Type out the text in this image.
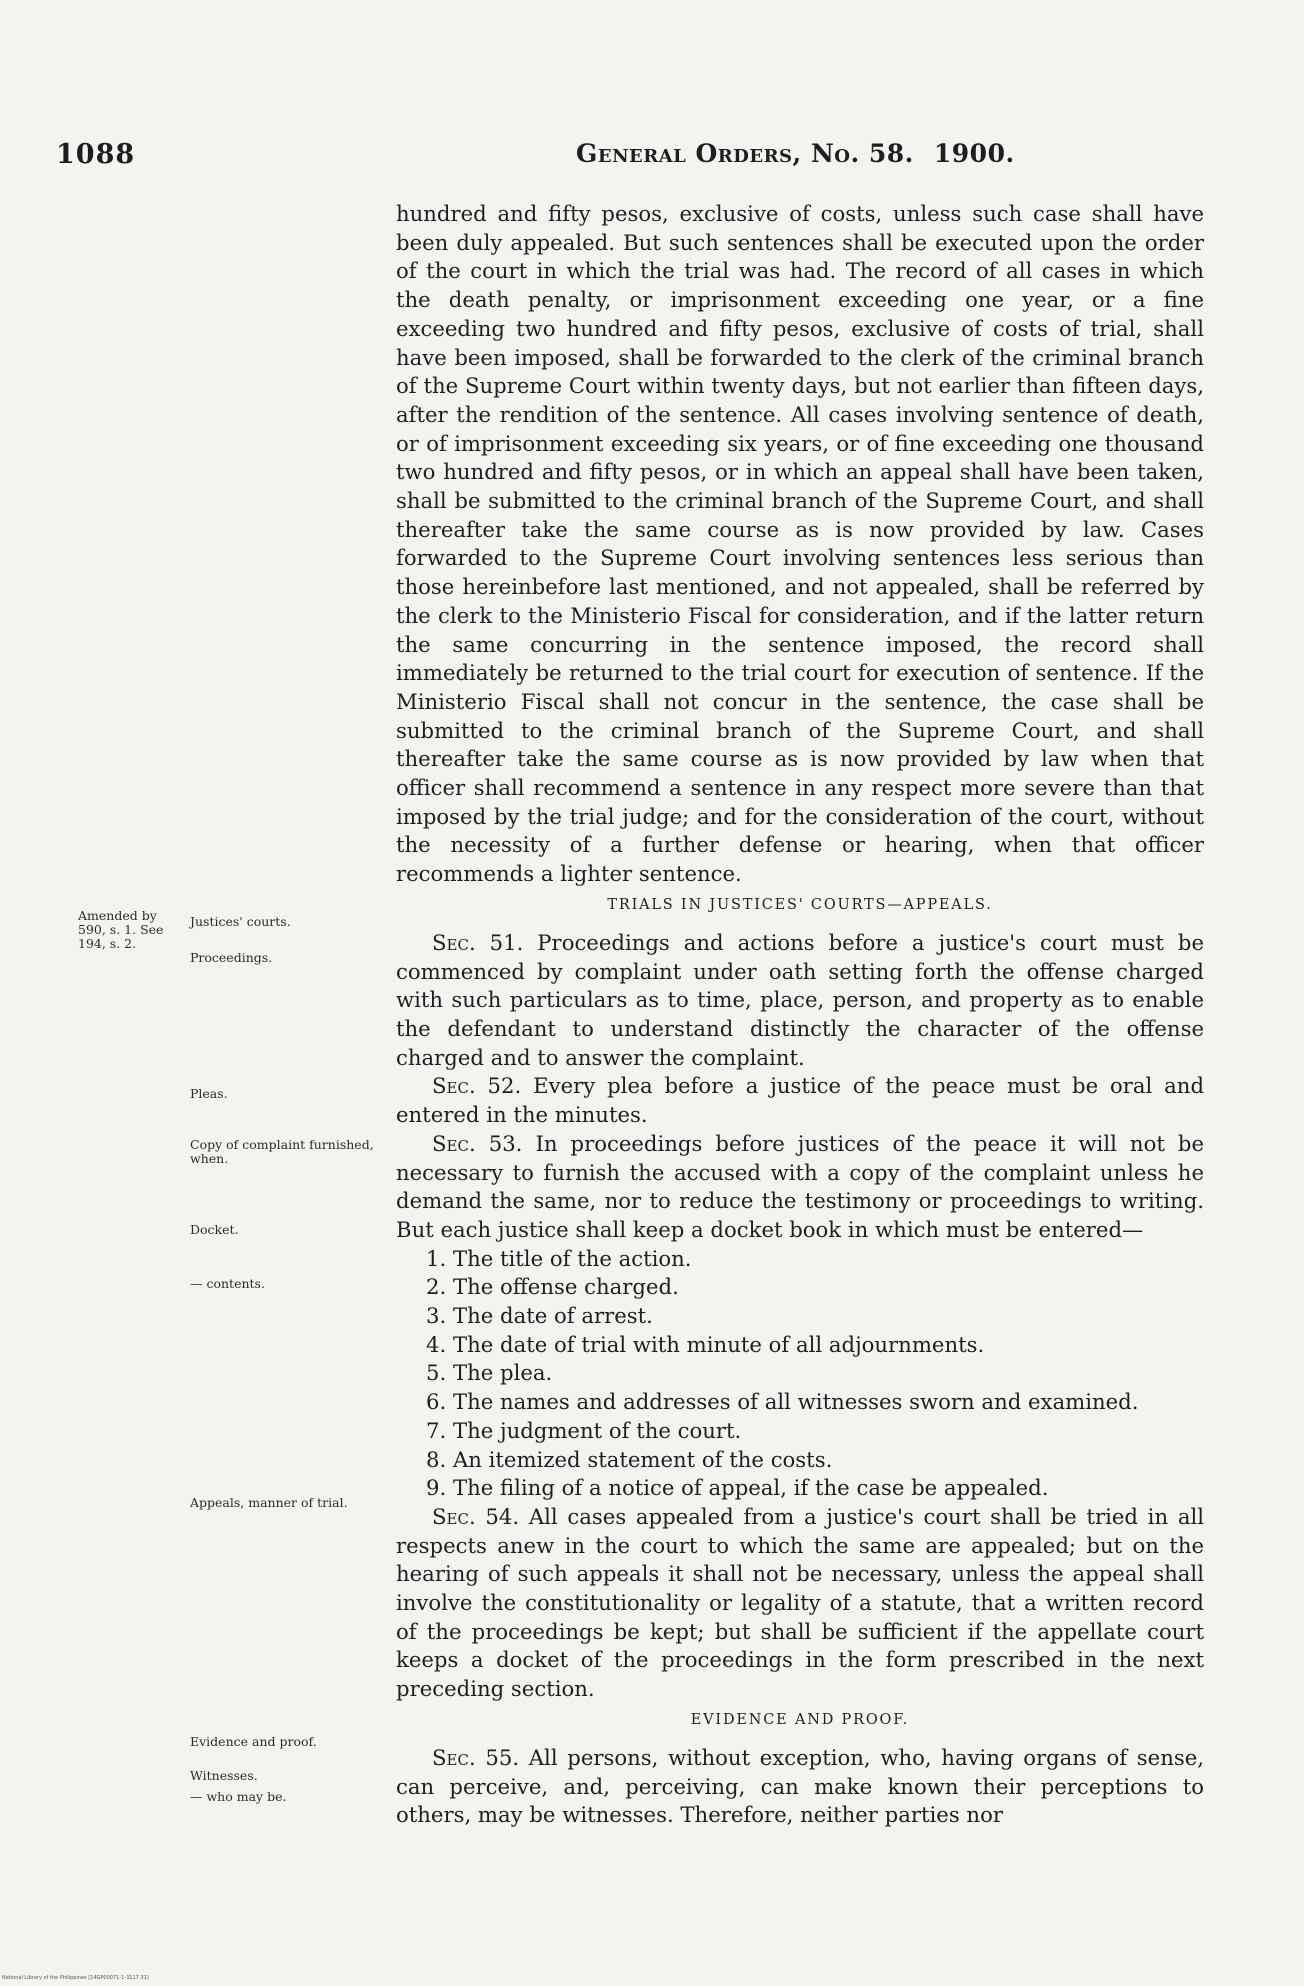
1088	General Orders, No. 58. 1900.
Amended by 590, s. 1. See 194, s. 2.
Justices' courts.
Proceedings.
Pleas.
Copy of complaint furnished, when.
Docket.
— contents.
Appeals, manner of trial.
Evidence and proof.
Witnesses.
— who may be.

hundred and fifty pesos, exclusive of costs, unless such case shall have been duly appealed. But such sentences shall be executed upon the order of the court in which the trial was had. The record of all cases in which the death penalty, or imprisonment exceeding one year, or a fine exceeding two hundred and fifty pesos, exclusive of costs of trial, shall have been imposed, shall be forwarded to the clerk of the criminal branch of the Supreme Court within twenty days, but not earlier than fifteen days, after the rendition of the sentence. All cases involving sentence of death, or of imprisonment exceeding six years, or of fine exceeding one thousand two hundred and fifty pesos, or in which an appeal shall have been taken, shall be submitted to the criminal branch of the Supreme Court, and shall thereafter take the same course as is now provided by law. Cases forwarded to the Supreme Court involving sentences less serious than those hereinbefore last mentioned, and not appealed, shall be referred by the clerk to the Ministerio Fiscal for consideration, and if the latter return the same concurring in the sentence imposed, the record shall immediately be returned to the trial court for execution of sentence. If the Ministerio Fiscal shall not concur in the sentence, the case shall be submitted to the criminal branch of the Supreme Court, and shall thereafter take the same course as is now provided by law when that officer shall recommend a sentence in any respect more severe than that imposed by the trial judge; and for the consideration of the court, without the necessity of a further defense or hearing, when that officer recommends a lighter sentence.

TRIALS IN JUSTICES' COURTS—APPEALS.

Sec. 51. Proceedings and actions before a justice's court must be commenced by complaint under oath setting forth the offense charged with such particulars as to time, place, person, and property as to enable the defendant to understand distinctly the character of the offense charged and to answer the complaint.

Sec. 52. Every plea before a justice of the peace must be oral and entered in the minutes.

Sec. 53. In proceedings before justices of the peace it will not be necessary to furnish the accused with a copy of the complaint unless he demand the same, nor to reduce the testimony or proceedings to writing. But each justice shall keep a docket book in which must be entered—

1. The title of the action.
2. The offense charged.
3. The date of arrest.
4. The date of trial with minute of all adjournments.
5. The plea.
6. The names and addresses of all witnesses sworn and examined.
7. The judgment of the court.
8. An itemized statement of the costs.
9. The filing of a notice of appeal, if the case be appealed.

Sec. 54. All cases appealed from a justice's court shall be tried in all respects anew in the court to which the same are appealed; but on the hearing of such appeals it shall not be necessary, unless the appeal shall involve the constitutionality or legality of a statute, that a written record of the proceedings be kept; but shall be sufficient if the appellate court keeps a docket of the proceedings in the form prescribed in the next preceding section.

EVIDENCE AND PROOF.

Sec. 55. All persons, without exception, who, having organs of sense, can perceive, and, perceiving, can make known their perceptions to others, may be witnesses. Therefore, neither parties nor

National Library of the Philippines [14GP00071-1-3117 31]
